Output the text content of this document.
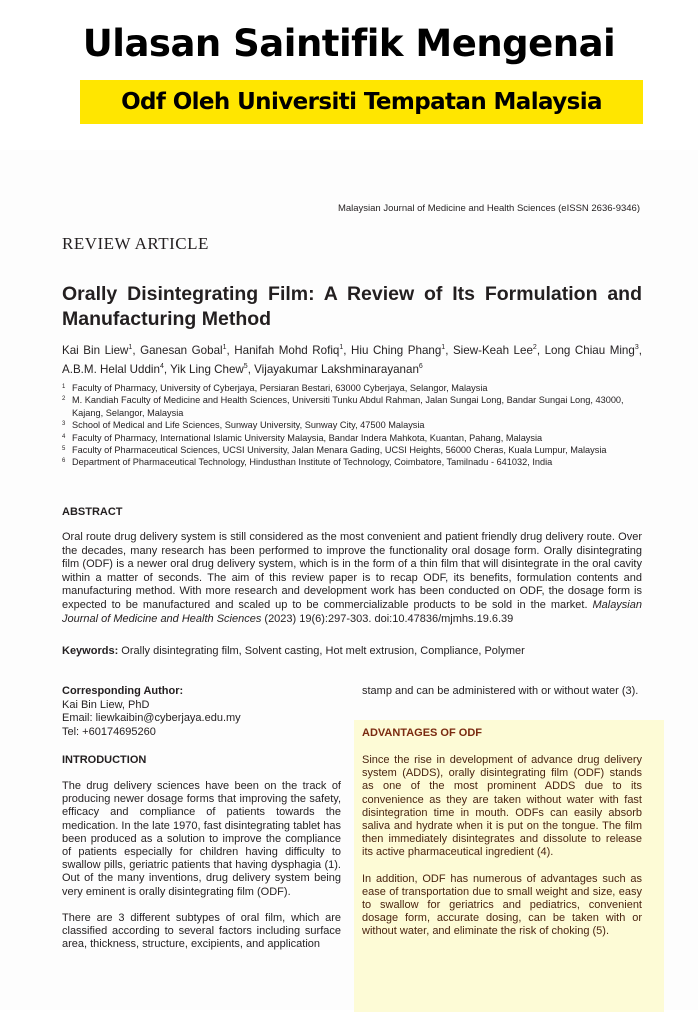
Ulasan Saintifik Mengenai
Odf Oleh Universiti Tempatan Malaysia
Malaysian Journal of Medicine and Health Sciences (eISSN 2636-9346)
REVIEW ARTICLE
Orally Disintegrating Film: A Review of Its Formulation and
Manufacturing Method
Kai Bin Liew$^1$, Ganesan Gobal$^1$, Hanifah Mohd Rofiq$^1$, Hiu Ching Phang$^1$, Siew-Keah Lee$^2$, Long Chiau Ming$^3$, A.B.M. Helal Uddin$^4$, Yik Ling Chew$^5$, Vijayakumar Lakshminarayanan$^6$
1 Faculty of Pharmacy, University of Cyberjaya, Persiaran Bestari, 63000 Cyberjaya, Selangor, Malaysia
2 M. Kandiah Faculty of Medicine and Health Sciences, Universiti Tunku Abdul Rahman, Jalan Sungai Long, Bandar Sungai Long, 43000, Kajang, Selangor, Malaysia
3 School of Medical and Life Sciences, Sunway University, Sunway City, 47500 Malaysia
4 Faculty of Pharmacy, International Islamic University Malaysia, Bandar Indera Mahkota, Kuantan, Pahang, Malaysia
5 Faculty of Pharmaceutical Sciences, UCSI University, Jalan Menara Gading, UCSI Heights, 56000 Cheras, Kuala Lumpur, Malaysia
6 Department of Pharmaceutical Technology, Hindusthan Institute of Technology, Coimbatore, Tamilnadu - 641032, India
ABSTRACT
Oral route drug delivery system is still considered as the most convenient and patient friendly drug delivery route. Over the decades, many research has been performed to improve the functionality oral dosage form. Orally disintegrating film (ODF) is a newer oral drug delivery system, which is in the form of a thin film that will disintegrate in the oral cavity within a matter of seconds. The aim of this review paper is to recap ODF, its benefits, formulation contents and manufacturing method. With more research and development work has been conducted on ODF, the dosage form is expected to be manufactured and scaled up to be commercializable products to be sold in the market. Malaysian Journal of Medicine and Health Sciences (2023) 19(6):297-303. doi:10.47836/mjmhs.19.6.39
Keywords: Orally disintegrating film, Solvent casting, Hot melt extrusion, Compliance, Polymer
Corresponding Author:
Kai Bin Liew, PhD
Email: liewkaibin@cyberjaya.edu.my
Tel: +60174695260
INTRODUCTION

The drug delivery sciences have been on the track of producing newer dosage forms that improving the safety, efficacy and compliance of patients towards the medication. In the late 1970, fast disintegrating tablet has been produced as a solution to improve the compliance of patients especially for children having difficulty to swallow pills, geriatric patients that having dysphagia (1). Out of the many inventions, drug delivery system being very eminent is orally disintegrating film (ODF).

There are 3 different subtypes of oral film, which are classified according to several factors including surface area, thickness, structure, excipients, and application

stamp and can be administered with or without water (3).
ADVANTAGES OF ODF

Since the rise in development of advance drug delivery system (ADDS), orally disintegrating film (ODF) stands as one of the most prominent ADDS due to its convenience as they are taken without water with fast disintegration time in mouth. ODFs can easily absorb saliva and hydrate when it is put on the tongue. The film then immediately disintegrates and dissolute to release its active pharmaceutical ingredient (4).

In addition, ODF has numerous of advantages such as ease of transportation due to small weight and size, easy to swallow for geriatrics and pediatrics, convenient dosage form, accurate dosing, can be taken with or without water, and eliminate the risk of choking (5).
